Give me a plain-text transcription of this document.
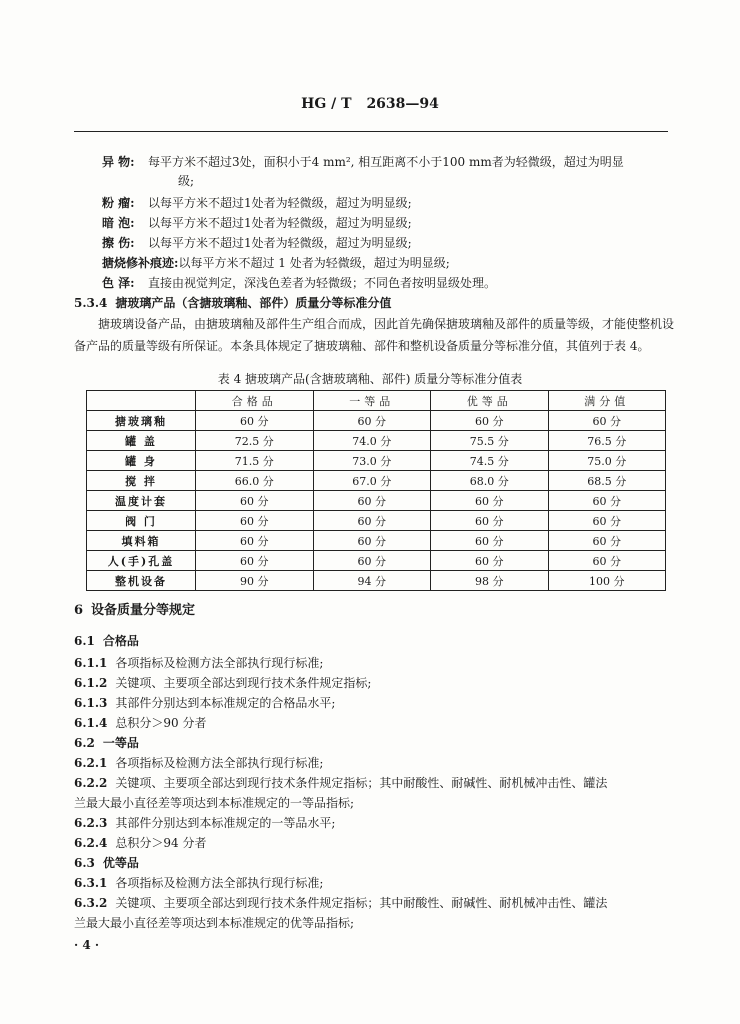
HG / T 2638—94
异 物: 每平方米不超过3处，面积小于4 mm², 相互距离不小于100 mm者为轻微级，超过为明显
级;
粉 瘤: 以每平方米不超过1处者为轻微级，超过为明显级;
暗 泡: 以每平方米不超过1处者为轻微级，超过为明显级;
擦 伤: 以每平方米不超过1处者为轻微级，超过为明显级;
搪烧修补痕迹:以每平方米不超过 1 处者为轻微级，超过为明显级;
色 泽: 直接由视觉判定，深浅色差者为轻微级；不同色者按明显级处理。
5.3.4 搪玻璃产品（含搪玻璃釉、部件）质量分等标准分值
搪玻璃设备产品，由搪玻璃釉及部件生产组合而成，因此首先确保搪玻璃釉及部件的质量等级，才能使整机设备产品的质量等级有所保证。本条具体规定了搪玻璃釉、部件和整机设备质量分等标准分值，其值列于表 4。
表 4 搪玻璃产品(含搪玻璃釉、部件) 质量分等标准分值表
	合格品	一等品	优等品	满分值
搪玻璃釉	60 分	60 分	60 分	60 分
罐 盖	72.5 分	74.0 分	75.5 分	76.5 分
罐 身	71.5 分	73.0 分	74.5 分	75.0 分
搅 拌	66.0 分	67.0 分	68.0 分	68.5 分
温度计套	60 分	60 分	60 分	60 分
阀 门	60 分	60 分	60 分	60 分
填料箱	60 分	60 分	60 分	60 分
人(手)孔盖	60 分	60 分	60 分	60 分
整机设备	90 分	94 分	98 分	100 分
6 设备质量分等规定
6.1 合格品
6.1.1 各项指标及检测方法全部执行现行标准;
6.1.2 关键项、主要项全部达到现行技术条件规定指标;
6.1.3 其部件分别达到本标准规定的合格品水平;
6.1.4 总积分＞90 分者
6.2 一等品
6.2.1 各项指标及检测方法全部执行现行标准;
6.2.2 关键项、主要项全部达到现行技术条件规定指标；其中耐酸性、耐碱性、耐机械冲击性、罐法
兰最大最小直径差等项达到本标准规定的一等品指标;
6.2.3 其部件分别达到本标准规定的一等品水平;
6.2.4 总积分＞94 分者
6.3 优等品
6.3.1 各项指标及检测方法全部执行现行标准;
6.3.2 关键项、主要项全部达到现行技术条件规定指标；其中耐酸性、耐碱性、耐机械冲击性、罐法
兰最大最小直径差等项达到本标准规定的优等品指标;
· 4 ·
